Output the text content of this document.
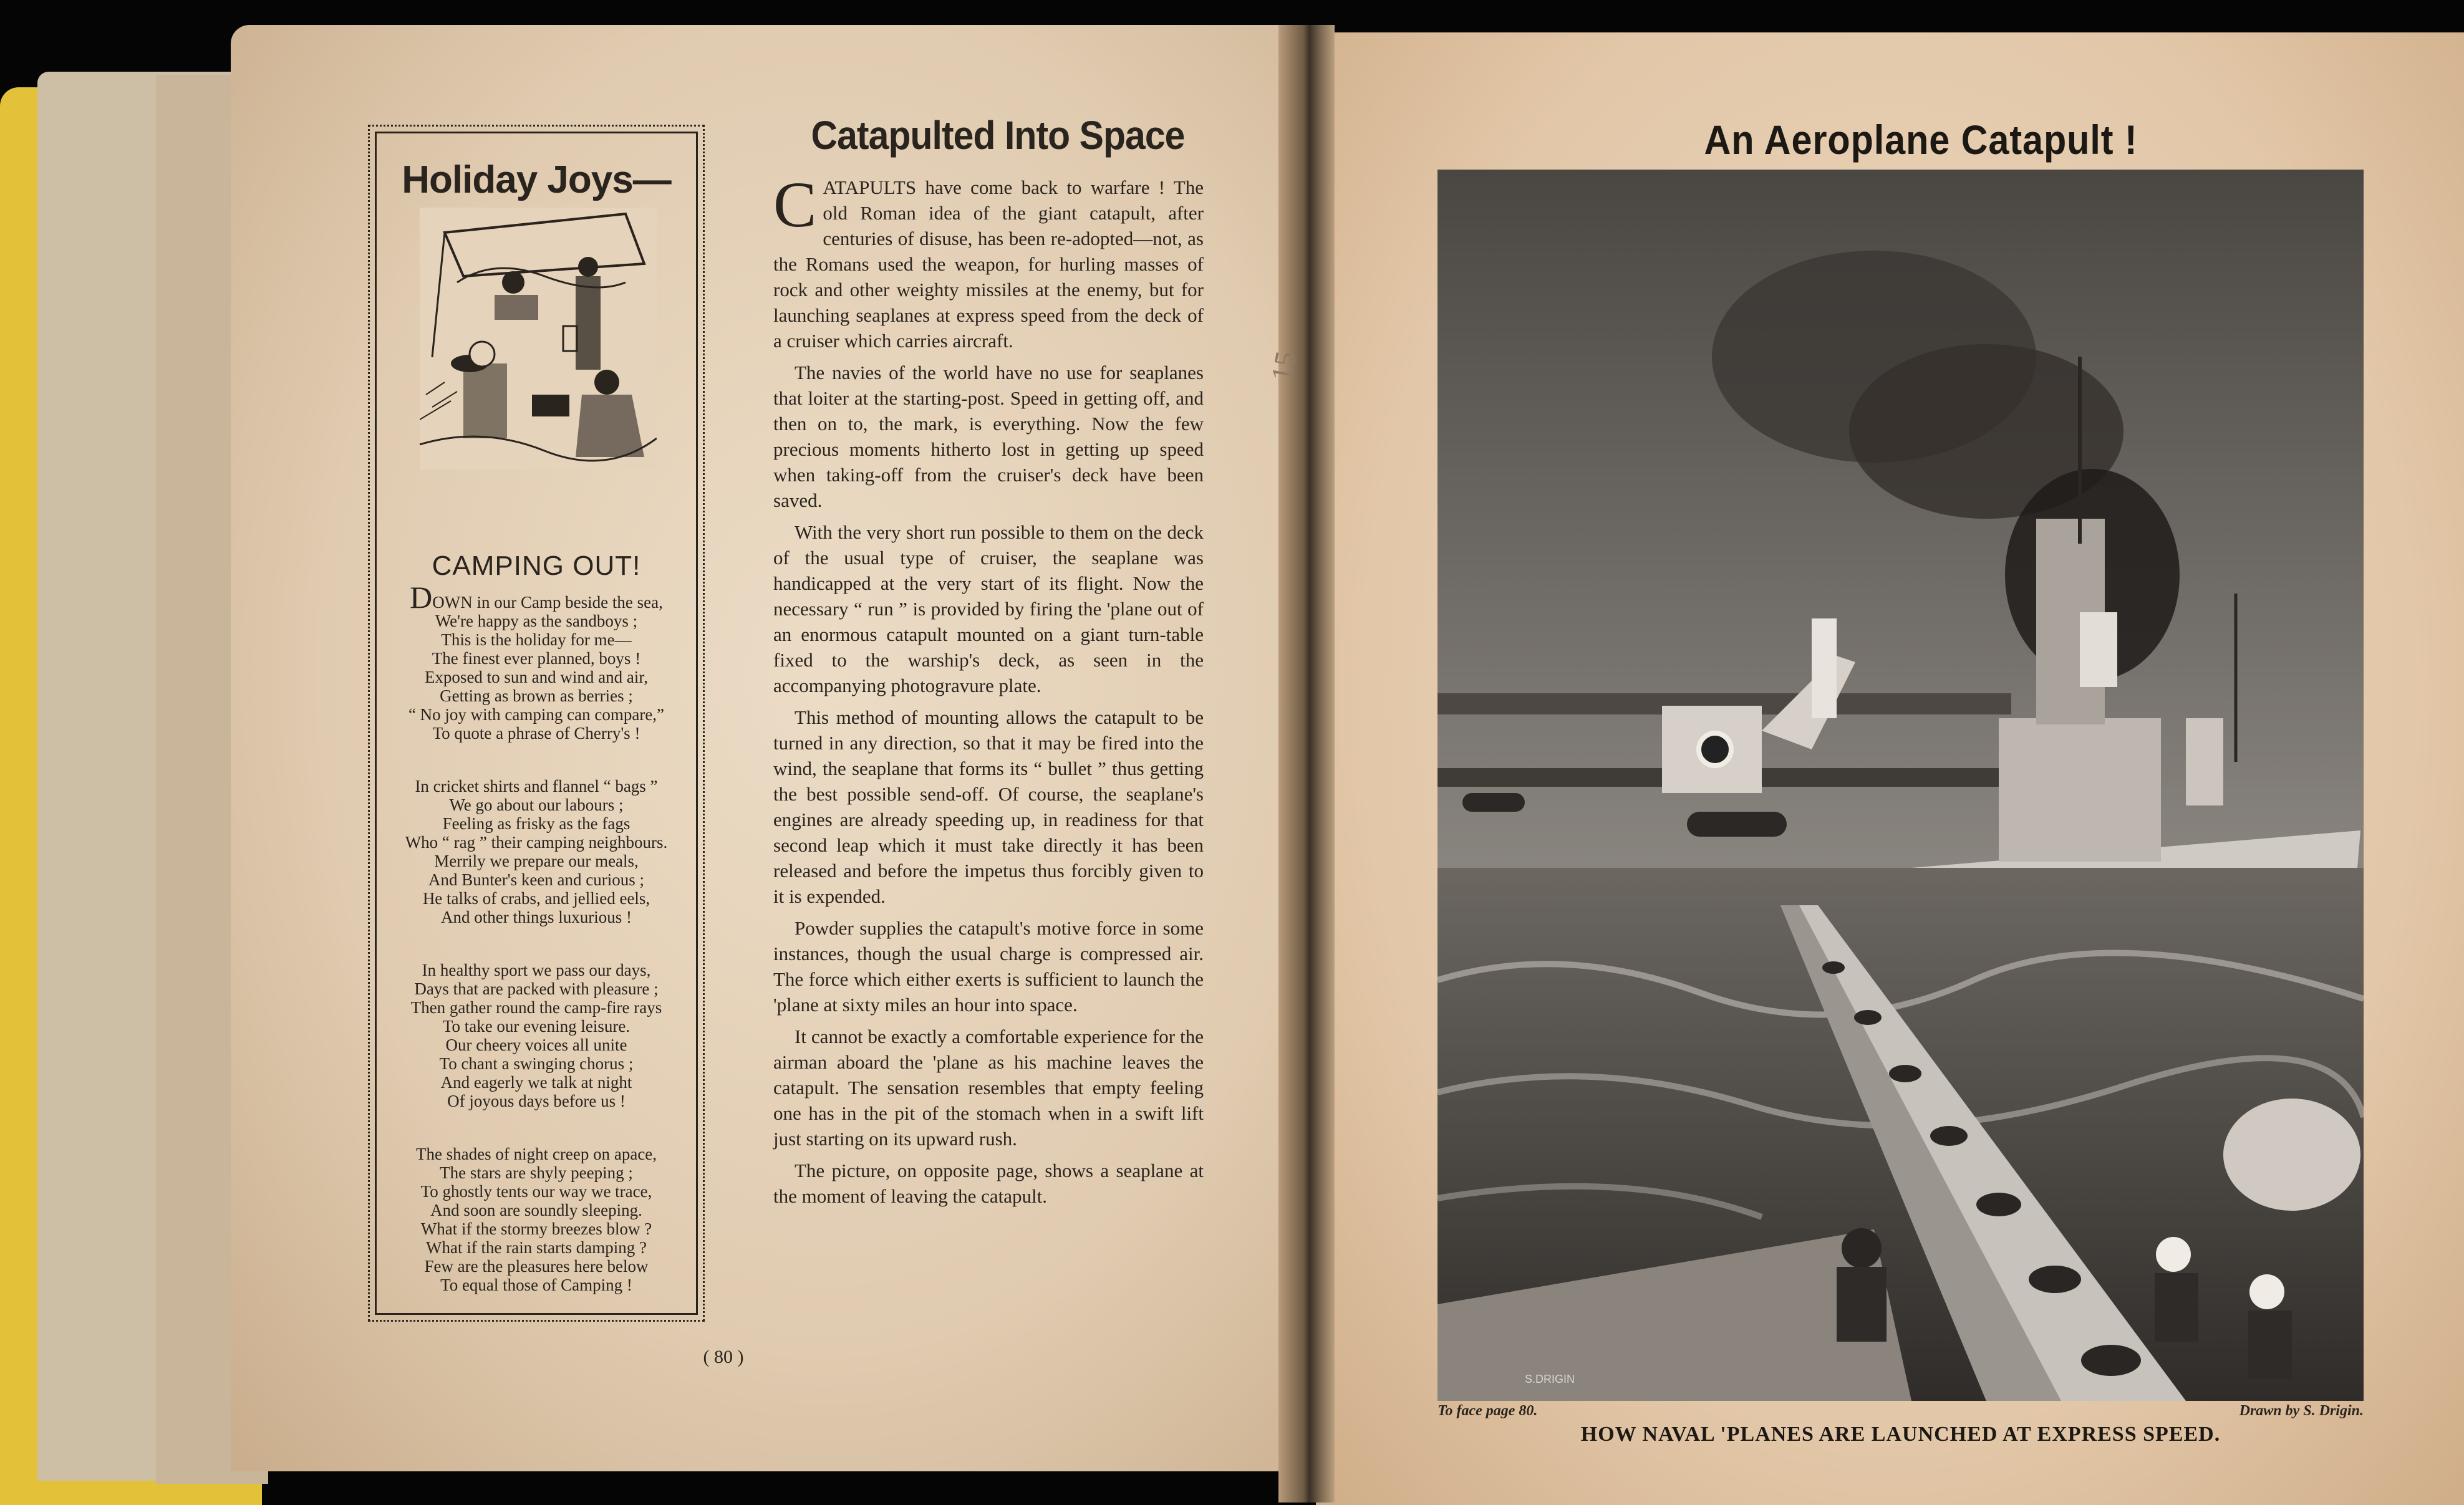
Holiday Joys—
CAMPING OUT!
DOWN in our Camp beside the sea,
We're happy as the sandboys ;
This is the holiday for me—
The finest ever planned, boys !
Exposed to sun and wind and air,
Getting as brown as berries ;
“ No joy with camping can compare,”
To quote a phrase of Cherry's !
In cricket shirts and flannel “ bags ”
We go about our labours ;
Feeling as frisky as the fags
Who “ rag ” their camping neighbours.
Merrily we prepare our meals,
And Bunter's keen and curious ;
He talks of crabs, and jellied eels,
And other things luxurious !
In healthy sport we pass our days,
Days that are packed with pleasure ;
Then gather round the camp-fire rays
To take our evening leisure.
Our cheery voices all unite
To chant a swinging chorus ;
And eagerly we talk at night
Of joyous days before us !
The shades of night creep on apace,
The stars are shyly peeping ;
To ghostly tents our way we trace,
And soon are soundly sleeping.
What if the stormy breezes blow ?
What if the rain starts damping ?
Few are the pleasures here below
To equal those of Camping !
Catapulted Into Space

CATAPULTS have come back to warfare ! The old Roman idea of the giant catapult, after centuries of disuse, has been re-adopted—not, as the Romans used the weapon, for hurling masses of rock and other weighty missiles at the enemy, but for launching seaplanes at express speed from the deck of a cruiser which carries aircraft.

The navies of the world have no use for seaplanes that loiter at the starting-post. Speed in getting off, and then on to, the mark, is everything. Now the few precious moments hitherto lost in getting up speed when taking-off from the cruiser's deck have been saved.

With the very short run possible to them on the deck of the usual type of cruiser, the seaplane was handicapped at the very start of its flight. Now the necessary “ run ” is provided by firing the 'plane out of an enormous catapult mounted on a giant turn-table fixed to the warship's deck, as seen in the accompanying photogravure plate.

This method of mounting allows the catapult to be turned in any direction, so that it may be fired into the wind, the seaplane that forms its “ bullet ” thus getting the best possible send-off. Of course, the seaplane's engines are already speeding up, in readiness for that second leap which it must take directly it has been released and before the impetus thus forcibly given to it is expended.

Powder supplies the catapult's motive force in some instances, though the usual charge is compressed air. The force which either exerts is sufficient to launch the 'plane at sixty miles an hour into space.

It cannot be exactly a comfortable experience for the airman aboard the 'plane as his machine leaves the catapult. The sensation resembles that empty feeling one has in the pit of the stomach when in a swift lift just starting on its upward rush.

The picture, on opposite page, shows a seaplane at the moment of leaving the catapult.

( 80 )
15
An Aeroplane Catapult !
S.DRIGIN
To face page 80.	Drawn by S. Drigin.
HOW NAVAL 'PLANES ARE LAUNCHED AT EXPRESS SPEED.
